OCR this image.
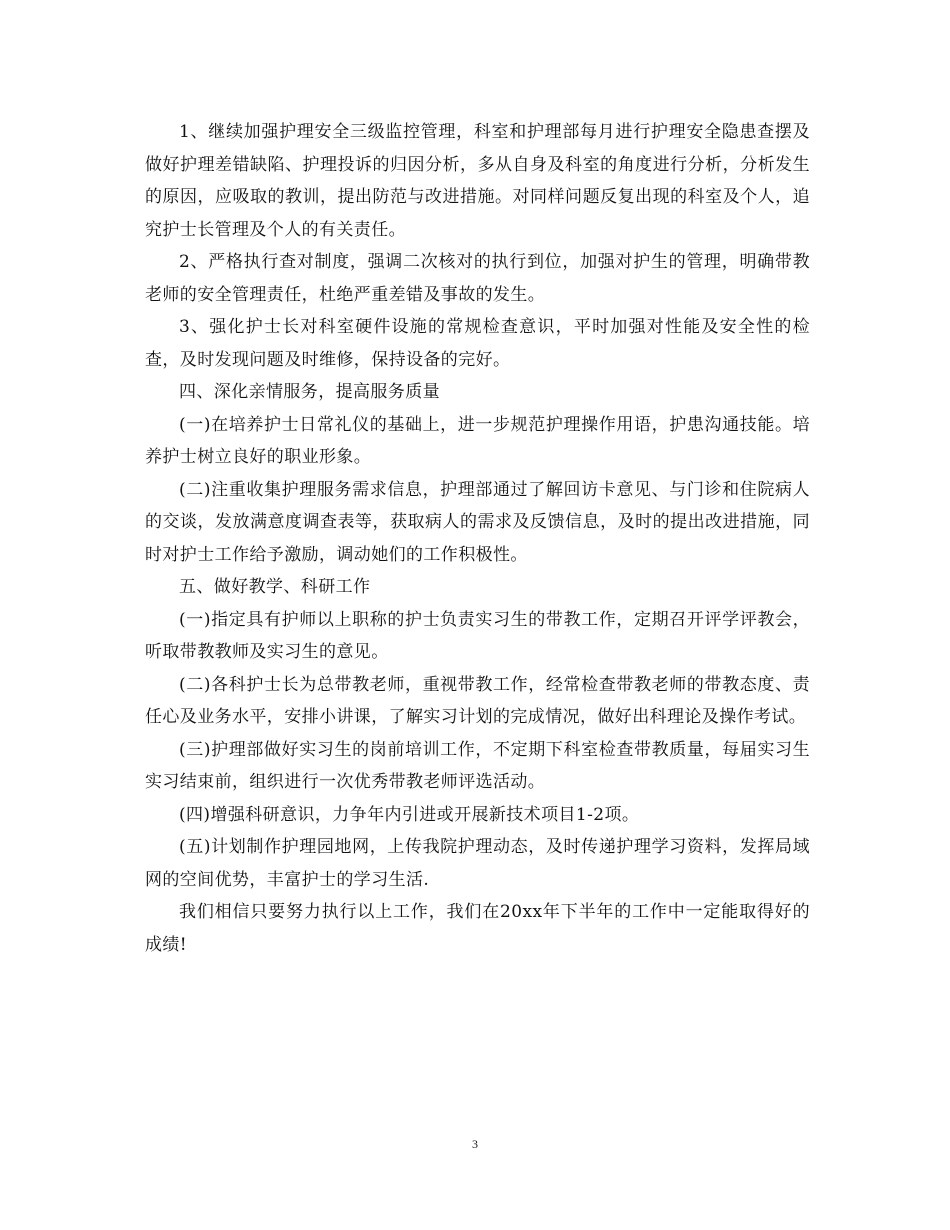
1、继续加强护理安全三级监控管理，科室和护理部每月进行护理安全隐患查摆及做好护理差错缺陷、护理投诉的归因分析，多从自身及科室的角度进行分析，分析发生的原因，应吸取的教训，提出防范与改进措施。对同样问题反复出现的科室及个人，追究护士长管理及个人的有关责任。

2、严格执行查对制度，强调二次核对的执行到位，加强对护生的管理，明确带教老师的安全管理责任，杜绝严重差错及事故的发生。

3、强化护士长对科室硬件设施的常规检查意识，平时加强对性能及安全性的检查，及时发现问题及时维修，保持设备的完好。

四、深化亲情服务，提高服务质量

(一)在培养护士日常礼仪的基础上，进一步规范护理操作用语，护患沟通技能。培养护士树立良好的职业形象。

(二)注重收集护理服务需求信息，护理部通过了解回访卡意见、与门诊和住院病人的交谈，发放满意度调查表等，获取病人的需求及反馈信息，及时的提出改进措施，同时对护士工作给予激励，调动她们的工作积极性。

五、做好教学、科研工作

(一)指定具有护师以上职称的护士负责实习生的带教工作，定期召开评学评教会，听取带教教师及实习生的意见。

(二)各科护士长为总带教老师，重视带教工作，经常检查带教老师的带教态度、责任心及业务水平，安排小讲课，了解实习计划的完成情况，做好出科理论及操作考试。

(三)护理部做好实习生的岗前培训工作，不定期下科室检查带教质量，每届实习生实习结束前，组织进行一次优秀带教老师评选活动。

(四)增强科研意识，力争年内引进或开展新技术项目1-2项。

(五)计划制作护理园地网，上传我院护理动态，及时传递护理学习资料，发挥局域网的空间优势，丰富护士的学习生活.

我们相信只要努力执行以上工作，我们在20xx年下半年的工作中一定能取得好的成绩!

3
